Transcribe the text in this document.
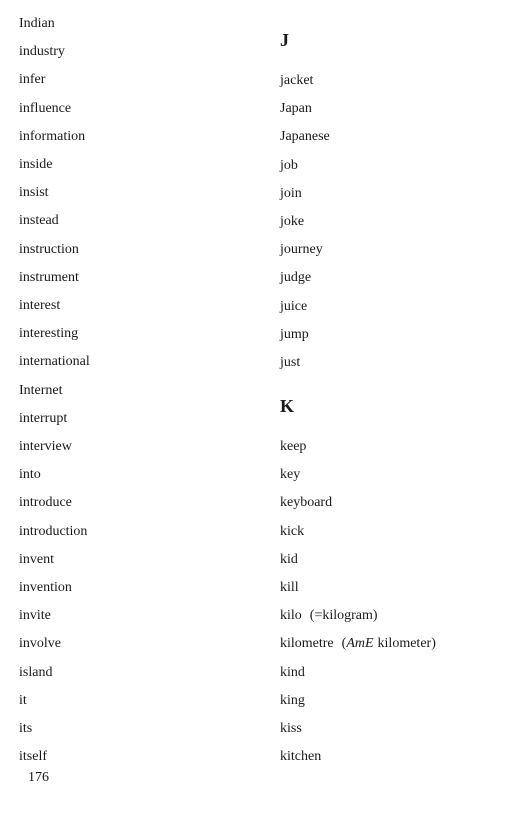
Indian
industry
infer
influence
information
inside
insist
instead
instruction
instrument
interest
interesting
international
Internet
interrupt
interview
into
introduce
introduction
invent
invention
invite
involve
island
it
its
itself
J
jacket
Japan
Japanese
job
join
joke
journey
judge
juice
jump
just
K
keep
key
keyboard
kick
kid
kill
kilo (=kilogram)
kilometre (AmE kilometer)
kind
king
kiss
kitchen
176
